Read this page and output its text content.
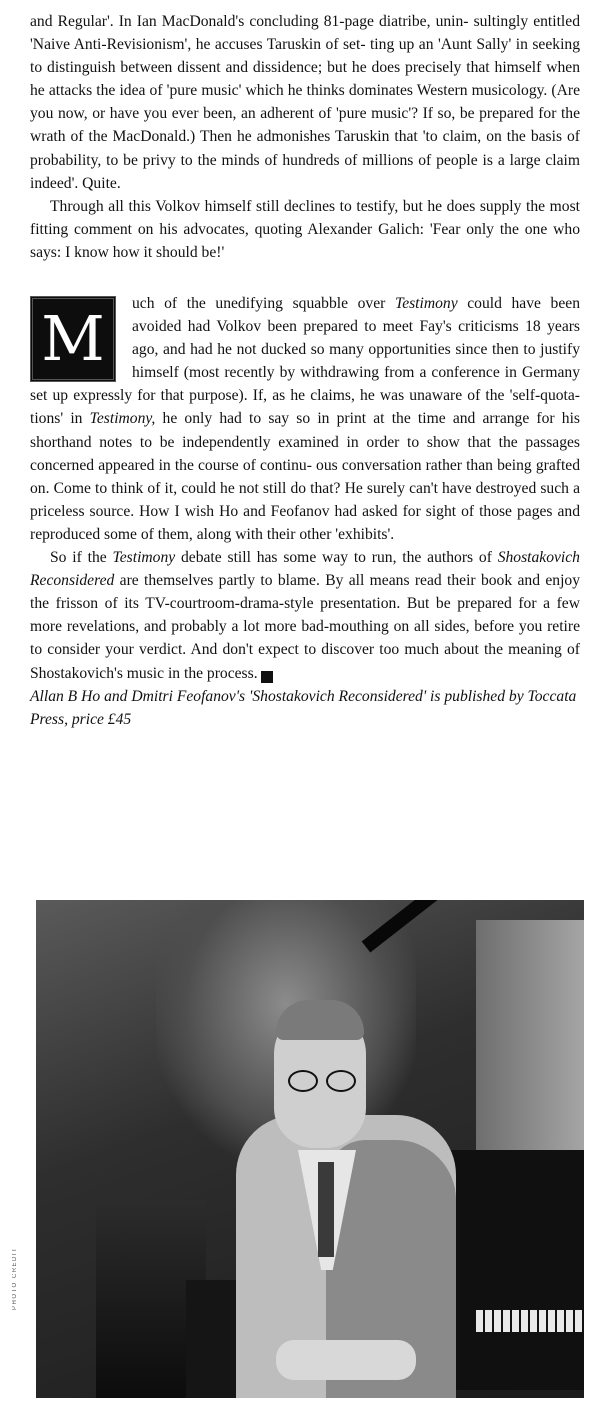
and Regular'. In Ian MacDonald's concluding 81-page diatribe, unin- sultingly entitled 'Naive Anti-Revisionism', he accuses Taruskin of set- ting up an 'Aunt Sally' in seeking to distinguish between dissent and dissidence; but he does precisely that himself when he attacks the idea of 'pure music' which he thinks dominates Western musicology. (Are you now, or have you ever been, an adherent of 'pure music'? If so, be prepared for the wrath of the MacDonald.) Then he admonishes Taruskin that 'to claim, on the basis of probability, to be privy to the minds of hundreds of millions of people is a large claim indeed'. Quite.

Through all this Volkov himself still declines to testify, but he does supply the most fitting comment on his advocates, quoting Alexander Galich: 'Fear only the one who says: I know how it should be!'

M	uch of the unedifying squabble over Testimony could have been avoided had Volkov been prepared to meet Fay's criticisms 18 years ago, and had he not ducked so many opportunities since then to justify himself (most recently by withdrawing from a conference in Germany set up expressly for that purpose). If, as he claims, he was unaware of the 'self-quota- tions' in Testimony, he only had to say so in print at the time and arrange for his shorthand notes to be independently examined in order to show that the passages concerned appeared in the course of continu- ous conversation rather than being grafted on. Come to think of it, could he not still do that? He surely can't have destroyed such a priceless source. How I wish Ho and Feofanov had asked for sight of those pages and reproduced some of them, along with their other 'exhibits'.

So if the Testimony debate still has some way to run, the authors of Shostakovich Reconsidered are themselves partly to blame. By all means read their book and enjoy the frisson of its TV-courtroom-drama-style presentation. But be prepared for a few more revelations, and probably a lot more bad-mouthing on all sides, before you retire to consider your verdict. And don't expect to discover too much about the meaning of Shostakovich's music in the process.	M

Allan B Ho and Dmitri Feofanov's 'Shostakovich Reconsidered' is published by Toccata Press, price £45

PHOTO CREDIT
